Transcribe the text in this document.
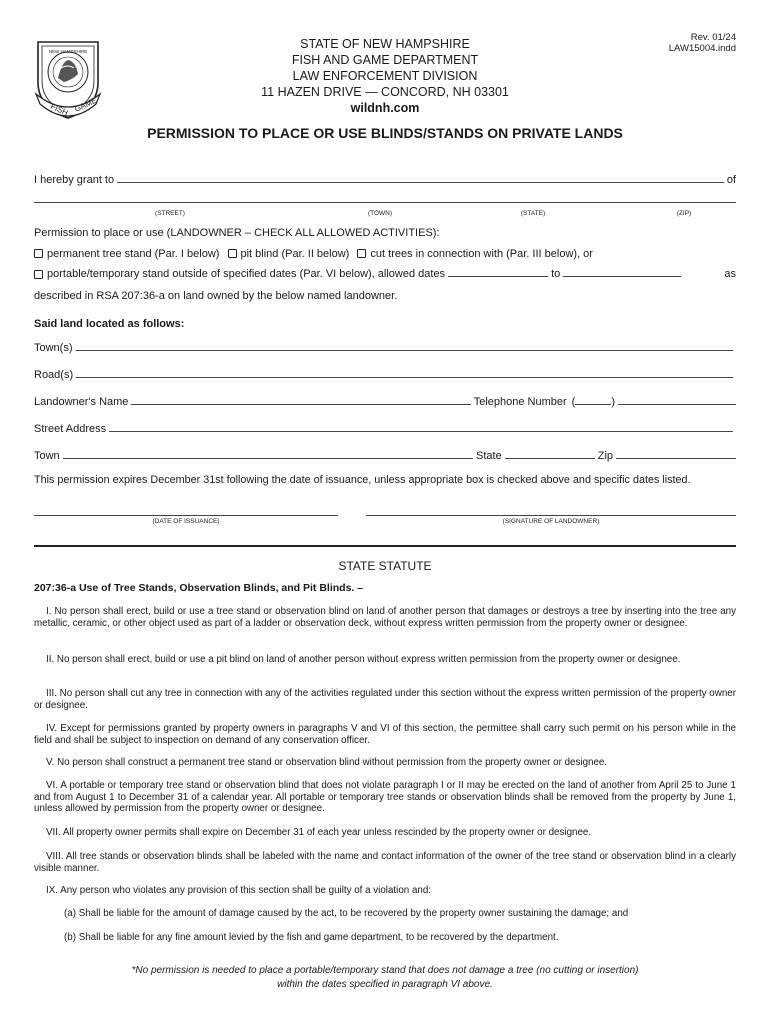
FISH GAME
NEW HAMPSHIRE
STATE OF NEW HAMPSHIRE
FISH AND GAME DEPARTMENT
LAW ENFORCEMENT DIVISION
11 HAZEN DRIVE — CONCORD, NH 03301
wildnh.com
Rev. 01/24
LAW15004.indd
PERMISSION TO PLACE OR USE BLINDS/STANDS ON PRIVATE LANDS
I hereby grant to	of
(STREET)	(TOWN)	(STATE)	(ZIP)
Permission to place or use (LANDOWNER – CHECK ALL ALLOWED ACTIVITIES):
permanent tree stand (Par. I below) pit blind (Par. II below) cut trees in connection with (Par. III below), or
portable/temporary stand outside of specified dates (Par. VI below), allowed dates	to	as
described in RSA 207:36-a on land owned by the below named landowner.
Said land located as follows:
Town(s)
Road(s)
Landowner's Name	Telephone Number (	)
Street Address
Town	State	Zip
This permission expires December 31st following the date of issuance, unless appropriate box is checked above and specific dates listed.
(DATE OF ISSUANCE)	(SIGNATURE OF LANDOWNER)
STATE STATUTE
207:36-a Use of Tree Stands, Observation Blinds, and Pit Blinds. –
I. No person shall erect, build or use a tree stand or observation blind on land of another person that damages or destroys a tree by inserting into the tree any metallic, ceramic, or other object used as part of a ladder or observation deck, without express written permission from the property owner or designee.
II. No person shall erect, build or use a pit blind on land of another person without express written permission from the property owner or designee.
III. No person shall cut any tree in connection with any of the activities regulated under this section without the express written permission of the property owner or designee.
IV. Except for permissions granted by property owners in paragraphs V and VI of this section, the permittee shall carry such permit on his person while in the field and shall be subject to inspection on demand of any conservation officer.
V. No person shall construct a permanent tree stand or observation blind without permission from the property owner or designee.
VI. A portable or temporary tree stand or observation blind that does not violate paragraph I or II may be erected on the land of another from April 25 to June 1 and from August 1 to December 31 of a calendar year. All portable or temporary tree stands or observation blinds shall be removed from the property by June 1, unless allowed by permission from the property owner or designee.
VII. All property owner permits shall expire on December 31 of each year unless rescinded by the property owner or designee.
VIII. All tree stands or observation blinds shall be labeled with the name and contact information of the owner of the tree stand or observation blind in a clearly visible manner.
IX. Any person who violates any provision of this section shall be guilty of a violation and:
(a) Shall be liable for the amount of damage caused by the act, to be recovered by the property owner sustaining the damage; and
(b) Shall be liable for any fine amount levied by the fish and game department, to be recovered by the department.
*No permission is needed to place a portable/temporary stand that does not damage a tree (no cutting or insertion)
within the dates specified in paragraph VI above.
